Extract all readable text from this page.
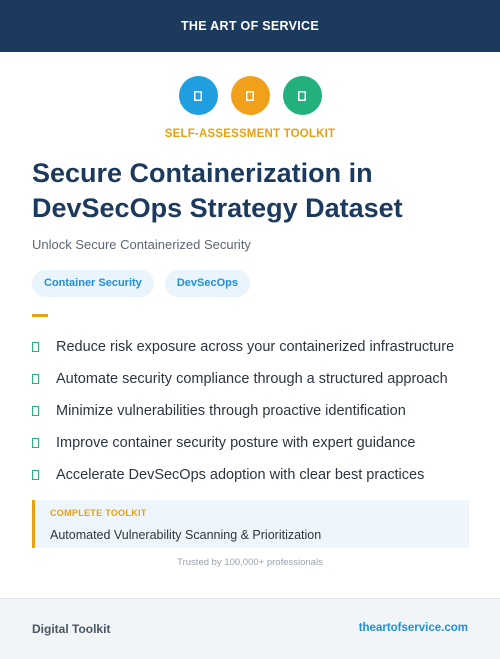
THE ART OF SERVICE
SELF-ASSESSMENT TOOLKIT
Secure Containerization in DevSecOps Strategy Dataset
Unlock Secure Containerized Security
Container Security	DevSecOps
Reduce risk exposure across your containerized infrastructure
Automate security compliance through a structured approach
Minimize vulnerabilities through proactive identification
Improve container security posture with expert guidance
Accelerate DevSecOps adoption with clear best practices
COMPLETE TOOLKIT
Automated Vulnerability Scanning & Prioritization
Trusted by 100,000+ professionals
Digital Toolkit	theartofservice.com
